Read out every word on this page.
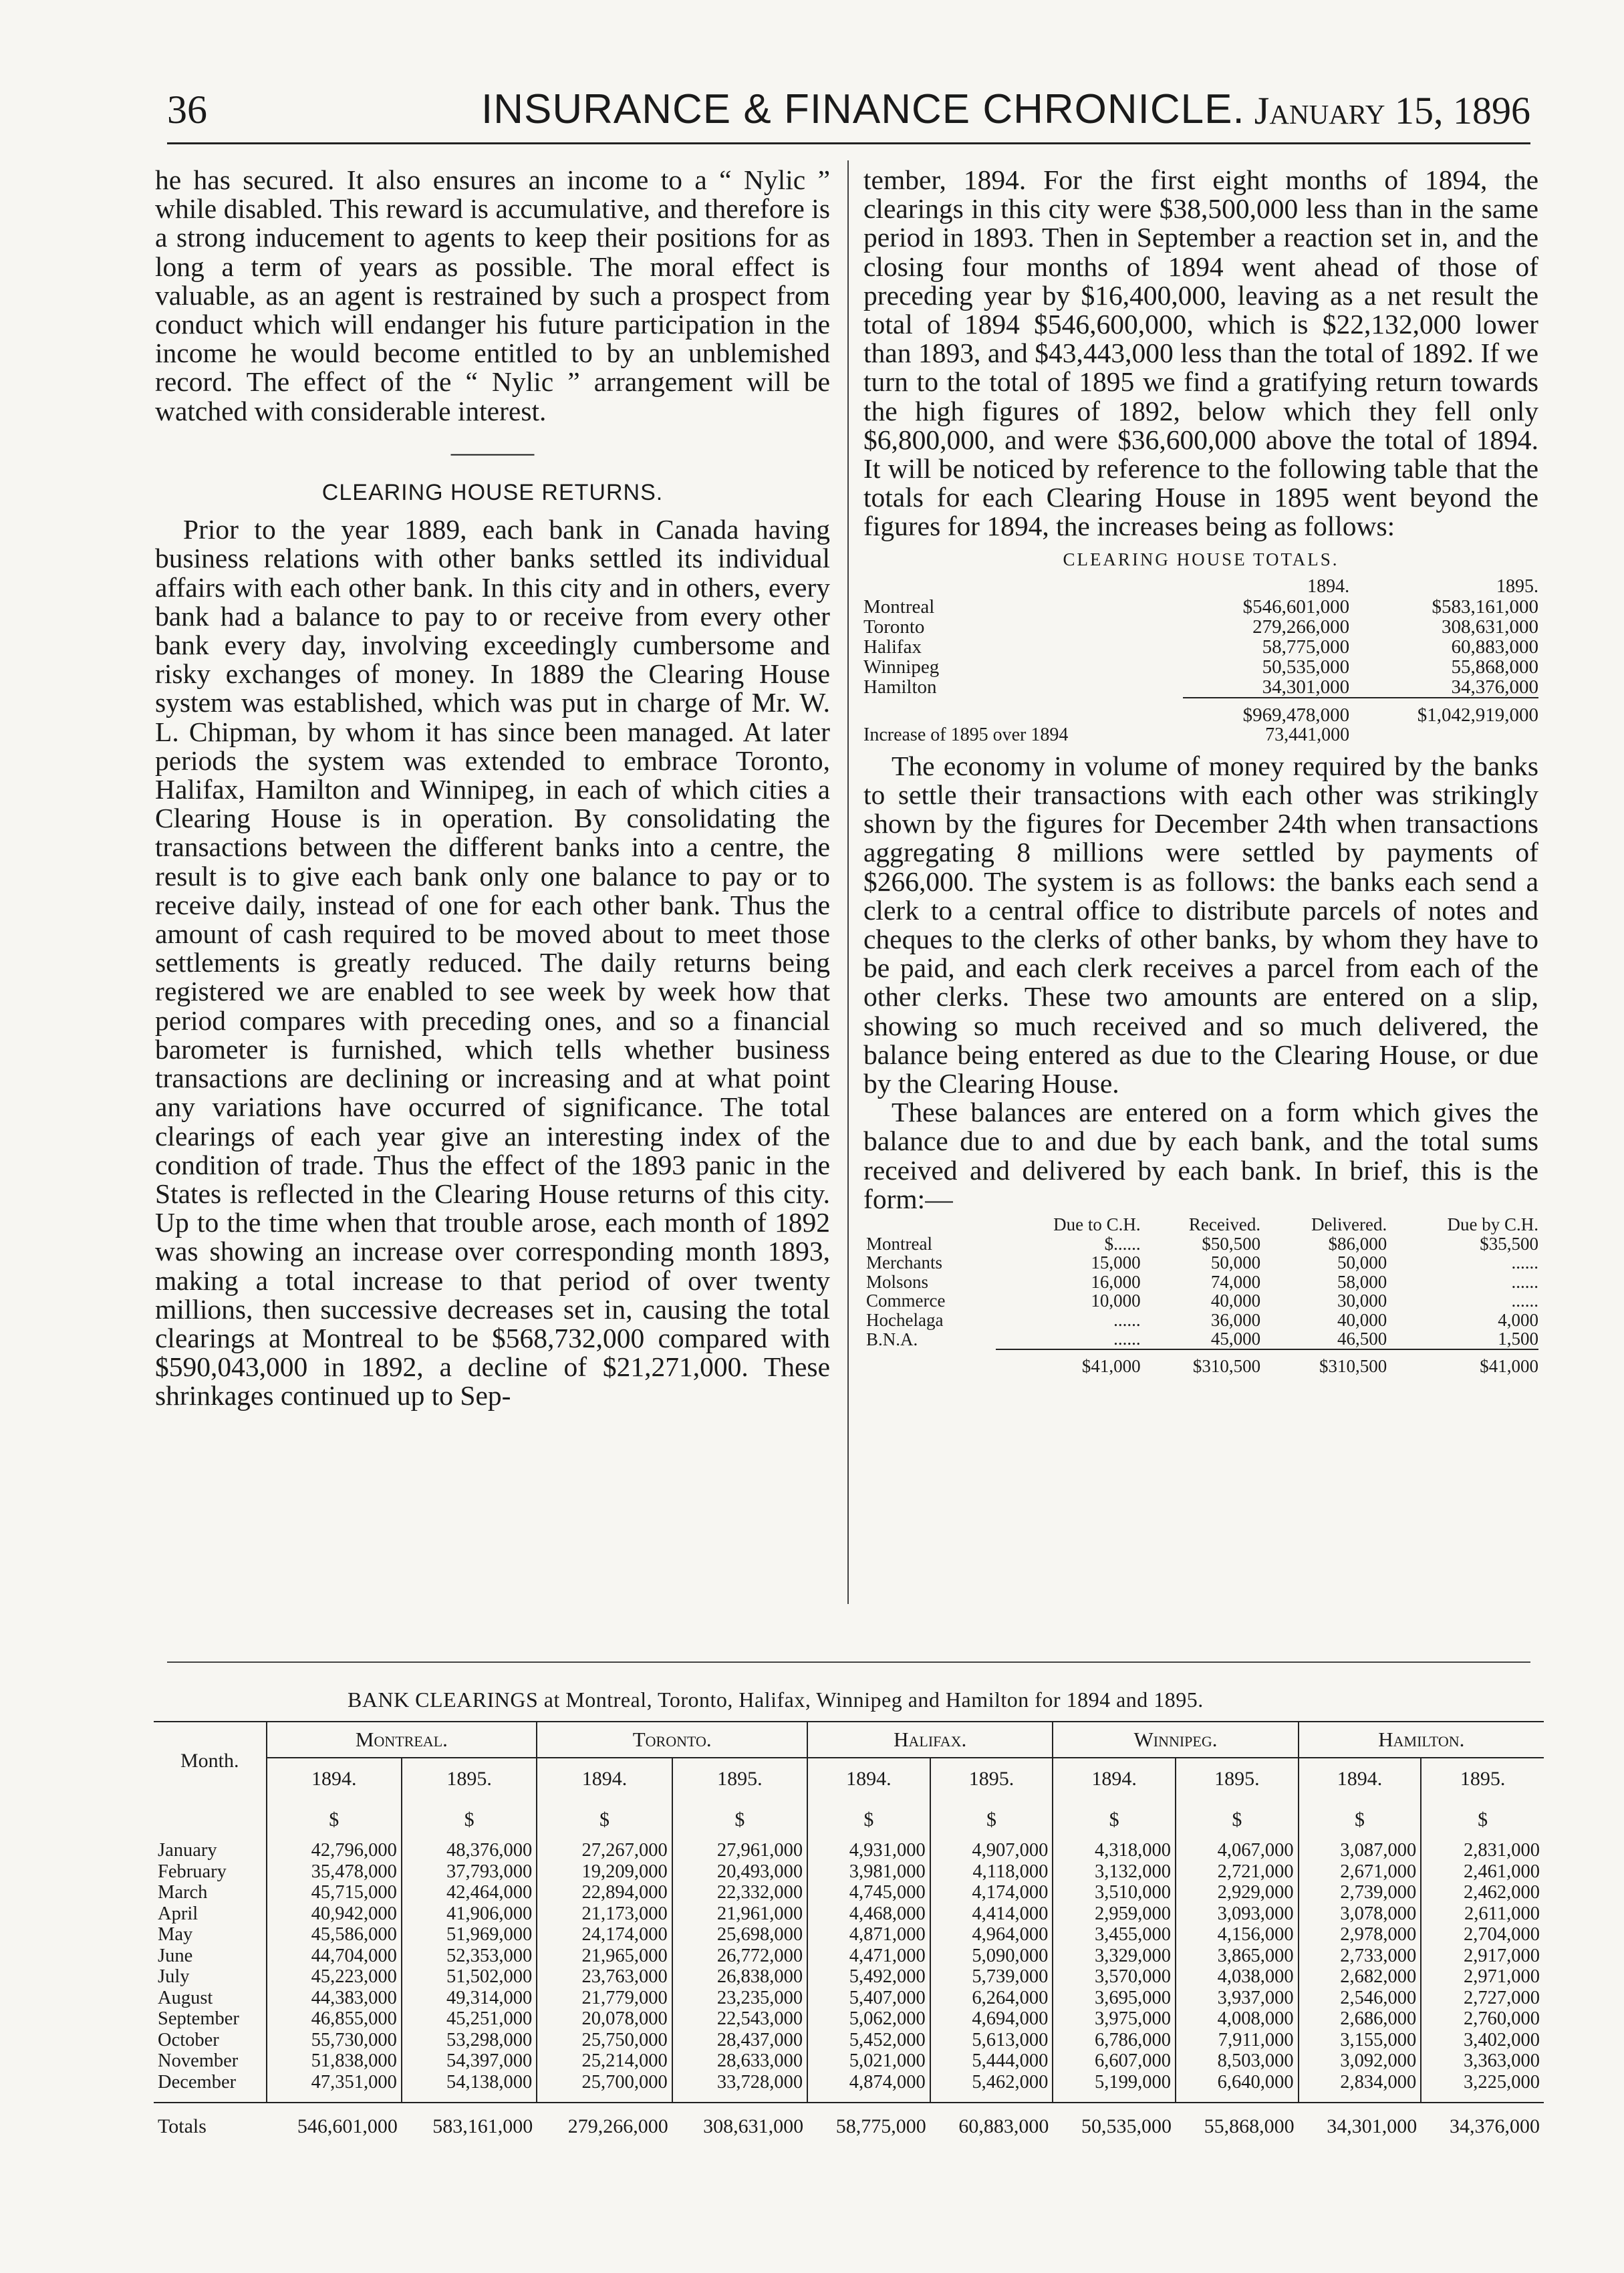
36	INSURANCE & FINANCE CHRONICLE. January 15, 1896

he has secured. It also ensures an income to a “ Nylic ” while disabled. This reward is accumulative, and therefore is a strong inducement to agents to keep their positions for as long a term of years as possible. The moral effect is valuable, as an agent is restrained by such a prospect from conduct which will endanger his future participation in the income he would become entitled to by an unblemished record. The effect of the “ Nylic ” arrangement will be watched with considerable interest.

———
CLEARING HOUSE RETURNS.

Prior to the year 1889, each bank in Canada having business relations with other banks settled its individual affairs with each other bank. In this city and in others, every bank had a balance to pay to or receive from every other bank every day, involving exceedingly cumbersome and risky exchanges of money. In 1889 the Clearing House system was established, which was put in charge of Mr. W. L. Chipman, by whom it has since been managed. At later periods the system was extended to embrace Toronto, Halifax, Hamilton and Winnipeg, in each of which cities a Clearing House is in operation. By consolidating the transactions between the different banks into a centre, the result is to give each bank only one balance to pay or to receive daily, instead of one for each other bank. Thus the amount of cash required to be moved about to meet those settlements is greatly reduced. The daily returns being registered we are enabled to see week by week how that period compares with preceding ones, and so a financial barometer is furnished, which tells whether business transactions are declining or increasing and at what point any variations have occurred of significance. The total clearings of each year give an interesting index of the condition of trade. Thus the effect of the 1893 panic in the States is reflected in the Clearing House returns of this city. Up to the time when that trouble arose, each month of 1892 was showing an increase over corresponding month 1893, making a total increase to that period of over twenty millions, then successive decreases set in, causing the total clearings at Montreal to be $568,732,000 compared with $590,043,000 in 1892, a decline of $21,271,000. These shrinkages continued up to Sep-

tember, 1894. For the first eight months of 1894, the clearings in this city were $38,500,000 less than in the same period in 1893. Then in September a reaction set in, and the closing four months of 1894 went ahead of those of preceding year by $16,400,000, leaving as a net result the total of 1894 $546,600,000, which is $22,132,000 lower than 1893, and $43,443,000 less than the total of 1892. If we turn to the total of 1895 we find a gratifying return towards the high figures of 1892, below which they fell only $6,800,000, and were $36,600,000 above the total of 1894. It will be noticed by reference to the following table that the totals for each Clearing House in 1895 went beyond the figures for 1894, the increases being as follows:

CLEARING HOUSE TOTALS.
	1894.	1895.
Montreal	$546,601,000	$583,161,000
Toronto	279,266,000	308,631,000
Halifax	58,775,000	60,883,000
Winnipeg	50,535,000	55,868,000
Hamilton	34,301,000	34,376,000
	$969,478,000	$1,042,919,000
Increase of 1895 over 1894	73,441,000	

The economy in volume of money required by the banks to settle their transactions with each other was strikingly shown by the figures for December 24th when transactions aggregating 8 millions were settled by payments of $266,000. The system is as follows: the banks each send a clerk to a central office to distribute parcels of notes and cheques to the clerks of other banks, by whom they have to be paid, and each clerk receives a parcel from each of the other clerks. These two amounts are entered on a slip, showing so much received and so much delivered, the balance being entered as due to the Clearing House, or due by the Clearing House.

These balances are entered on a form which gives the balance due to and due by each bank, and the total sums received and delivered by each bank. In brief, this is the form:—

	Due to C.H.	Received.	Delivered.	Due by C.H.
Montreal	$......	$50,500	$86,000	$35,500
Merchants	15,000	50,000	50,000	......
Molsons	16,000	74,000	58,000	......
Commerce	10,000	40,000	30,000	......
Hochelaga	......	36,000	40,000	4,000
B.N.A.	......	45,000	46,500	1,500
	$41,000	$310,500	$310,500	$41,000
BANK CLEARINGS at Montreal, Toronto, Halifax, Winnipeg and Hamilton for 1894 and 1895.
Month.	Montreal.		Toronto.		Halifax.		Winnipeg.		Hamilton.	
	1894.	1895.	1894.	1895.	1894.	1895.	1894.	1895.	1894.	1895.
	$	$	$	$	$	$	$	$	$	$
January	42,796,000	48,376,000	27,267,000	27,961,000	4,931,000	4,907,000	4,318,000	4,067,000	3,087,000	2,831,000
February	35,478,000	37,793,000	19,209,000	20,493,000	3,981,000	4,118,000	3,132,000	2,721,000	2,671,000	2,461,000
March	45,715,000	42,464,000	22,894,000	22,332,000	4,745,000	4,174,000	3,510,000	2,929,000	2,739,000	2,462,000
April	40,942,000	41,906,000	21,173,000	21,961,000	4,468,000	4,414,000	2,959,000	3,093,000	3,078,000	2,611,000
May	45,586,000	51,969,000	24,174,000	25,698,000	4,871,000	4,964,000	3,455,000	4,156,000	2,978,000	2,704,000
June	44,704,000	52,353,000	21,965,000	26,772,000	4,471,000	5,090,000	3,329,000	3,865,000	2,733,000	2,917,000
July	45,223,000	51,502,000	23,763,000	26,838,000	5,492,000	5,739,000	3,570,000	4,038,000	2,682,000	2,971,000
August	44,383,000	49,314,000	21,779,000	23,235,000	5,407,000	6,264,000	3,695,000	3,937,000	2,546,000	2,727,000
September	46,855,000	45,251,000	20,078,000	22,543,000	5,062,000	4,694,000	3,975,000	4,008,000	2,686,000	2,760,000
October	55,730,000	53,298,000	25,750,000	28,437,000	5,452,000	5,613,000	6,786,000	7,911,000	3,155,000	3,402,000
November	51,838,000	54,397,000	25,214,000	28,633,000	5,021,000	5,444,000	6,607,000	8,503,000	3,092,000	3,363,000
December	47,351,000	54,138,000	25,700,000	33,728,000	4,874,000	5,462,000	5,199,000	6,640,000	2,834,000	3,225,000
Totals	546,601,000	583,161,000	279,266,000	308,631,000	58,775,000	60,883,000	50,535,000	55,868,000	34,301,000	34,376,000
